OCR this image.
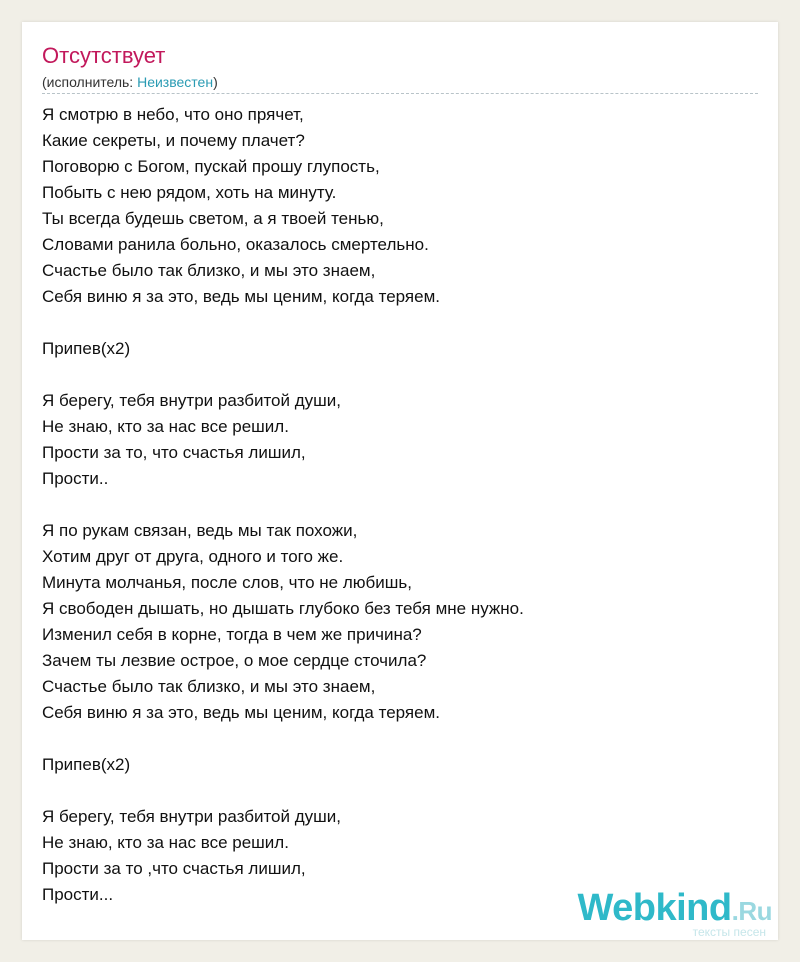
Отсутствует
(исполнитель: Неизвестен)
Я смотрю в небо, что оно прячет,
Какие секреты, и почему плачет?
Поговорю с Богом, пускай прошу глупость,
Побыть с нею рядом, хоть на минуту.
Ты всегда будешь светом, а я твоей тенью,
Словами ранила больно, оказалось смертельно.
Счастье было так близко, и мы это знаем,
Себя виню я за это, ведь мы ценим, когда теряем.
Припев(x2)
Я берегу, тебя внутри разбитой души,
Не знаю, кто за нас все решил.
Прости за то, что счастья лишил,
Прости..
Я по рукам связан, ведь мы так похожи,
Хотим друг от друга, одного и того же.
Минута молчанья, после слов, что не любишь,
Я свободен дышать, но дышать глубоко без тебя мне нужно.
Изменил себя в корне, тогда в чем же причина?
Зачем ты лезвие острое, о мое сердце сточила?
Счастье было так близко, и мы это знаем,
Себя виню я за это, ведь мы ценим, когда теряем.
Припев(x2)
Я берегу, тебя внутри разбитой души,
Не знаю, кто за нас все решил.
Прости за то ,что счастья лишил,
Прости...	Webkind.Ru
тексты песен
